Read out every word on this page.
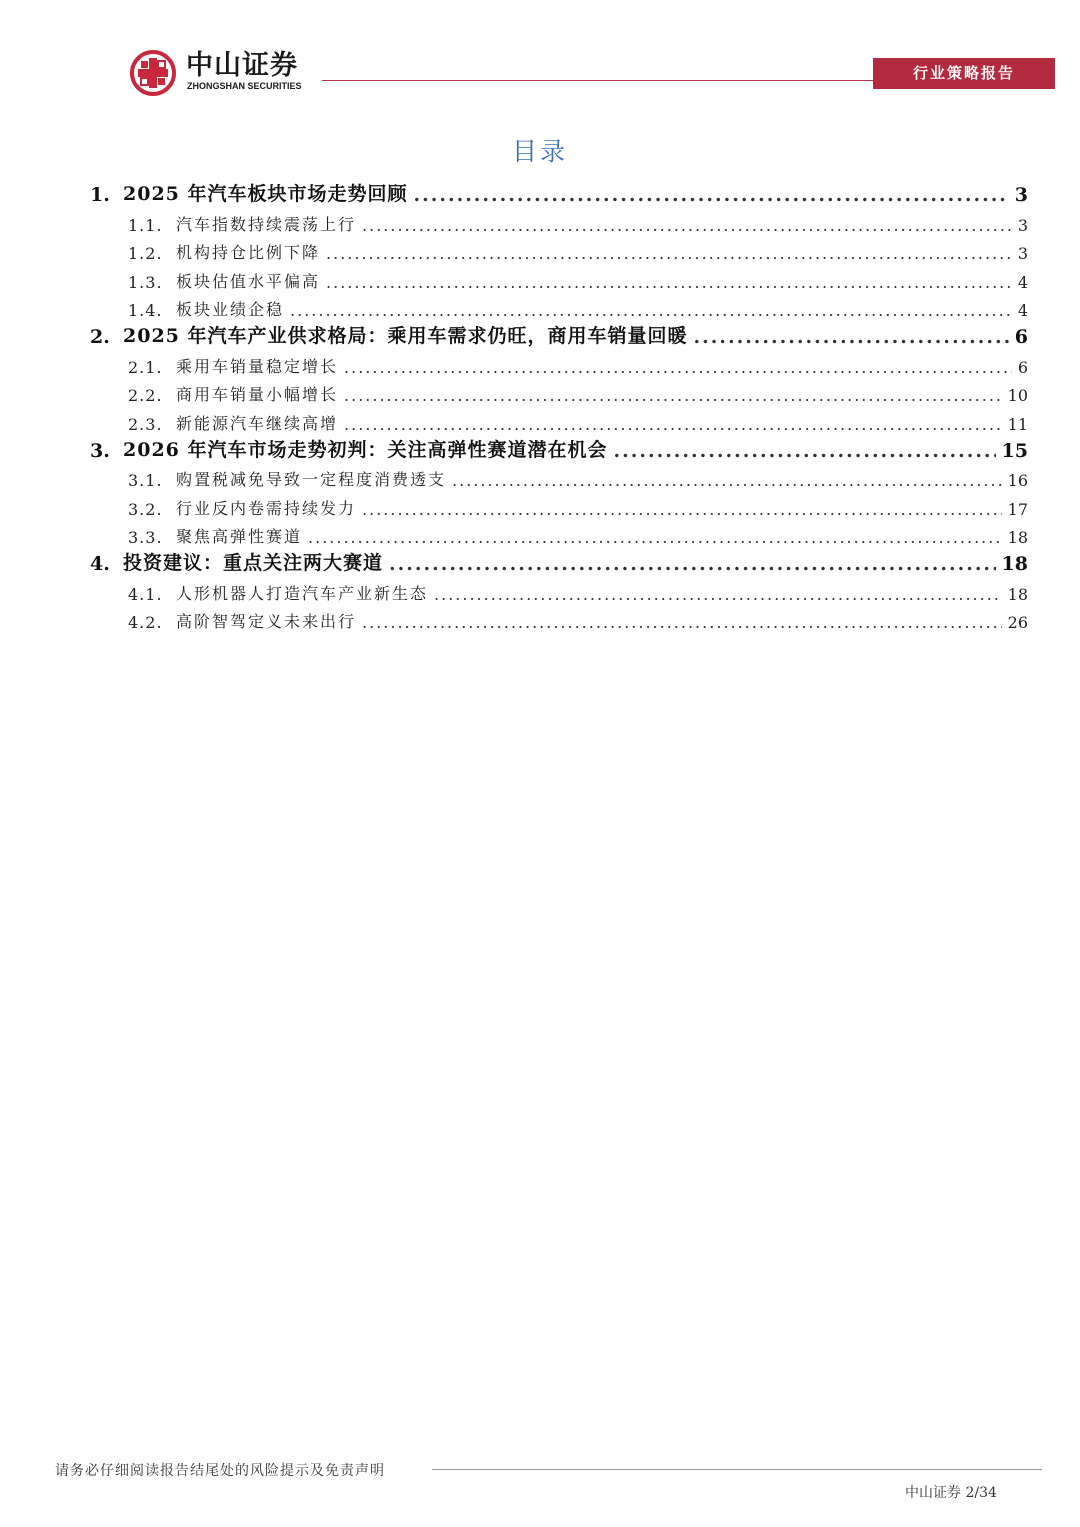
中山证券
ZHONGSHAN SECURITIES
行业策略报告
目录
1. 2025 年汽车板块市场走势回顾 .....	3
1.1. 汽车指数持续震荡上行 .....	3
1.2. 机构持仓比例下降 .....	3
1.3. 板块估值水平偏高 .....	4
1.4. 板块业绩企稳 .....	4
2. 2025 年汽车产业供求格局：乘用车需求仍旺，商用车销量回暖 .....	6
2.1. 乘用车销量稳定增长 .....	6
2.2. 商用车销量小幅增长 .....	10
2.3. 新能源汽车继续高增 .....	11
3. 2026 年汽车市场走势初判：关注高弹性赛道潜在机会 .....	15
3.1. 购置税减免导致一定程度消费透支 .....	16
3.2. 行业反内卷需持续发力 .....	17
3.3. 聚焦高弹性赛道 .....	18
4. 投资建议：重点关注两大赛道 .....	18
4.1. 人形机器人打造汽车产业新生态 .....	18
4.2. 高阶智驾定义未来出行 .....	26
请务必仔细阅读报告结尾处的风险提示及免责声明
中山证券 2/34
